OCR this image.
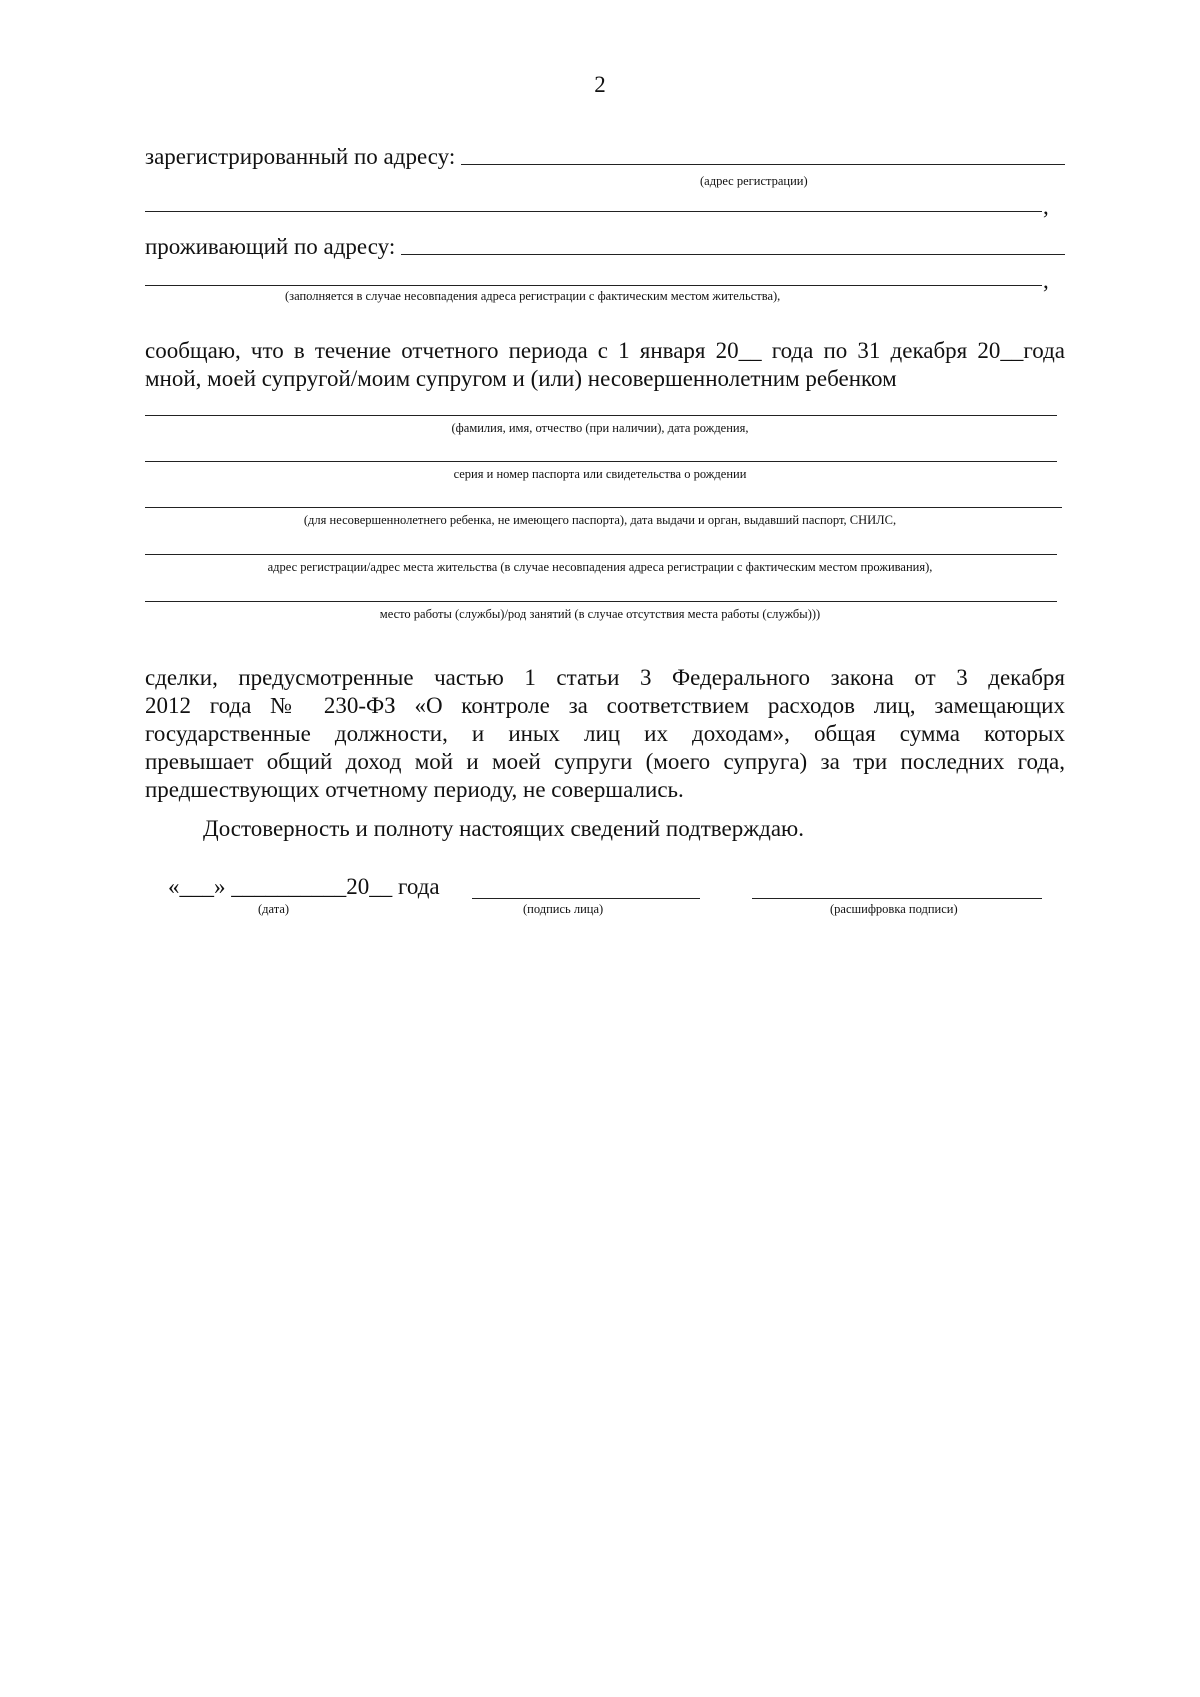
2
зарегистрированный по адресу:
(адрес регистрации)
,
проживающий по адресу:
,
(заполняется в случае несовпадения адреса регистрации с фактическим местом жительства),
сообщаю, что в течение отчетного периода с 1 января 20__ года по 31 декабря 20__года
мной, моей супругой/моим супругом и (или) несовершеннолетним ребенком
(фамилия, имя, отчество (при наличии), дата рождения,
серия и номер паспорта или свидетельства о рождении
(для несовершеннолетнего ребенка, не имеющего паспорта), дата выдачи и орган, выдавший паспорт, СНИЛС,
адрес регистрации/адрес места жительства (в случае несовпадения адреса регистрации с фактическим местом проживания),
место работы (службы)/род занятий (в случае отсутствия места работы (службы)))
сделки, предусмотренные частью 1 статьи 3 Федерального закона от 3 декабря
2012 года № 230-ФЗ «О контроле за соответствием расходов лиц, замещающих
государственные должности, и иных лиц их доходам», общая сумма которых
превышает общий доход мой и моей супруги (моего супруга) за три последних года,
предшествующих отчетному периоду, не совершались.
Достоверность и полноту настоящих сведений подтверждаю.
«___» __________20__ года
(дата)	(подпись лица)	(расшифровка подписи)
